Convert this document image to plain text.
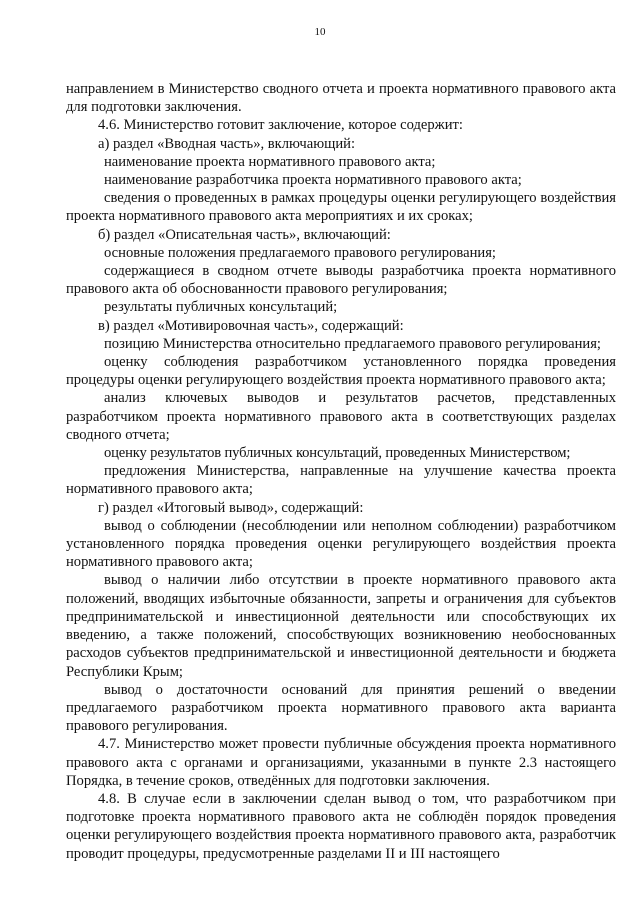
10

направлением в Министерство сводного отчета и проекта нормативного правового акта для подготовки заключения.

4.6. Министерство готовит заключение, которое содержит:

а) раздел «Вводная часть», включающий:

наименование проекта нормативного правового акта;

наименование разработчика проекта нормативного правового акта;

сведения о проведенных в рамках процедуры оценки регулирующего воздействия проекта нормативного правового акта мероприятиях и их сроках;

б) раздел «Описательная часть», включающий:

основные положения предлагаемого правового регулирования;

содержащиеся в сводном отчете выводы разработчика проекта нормативного правового акта об обоснованности правового регулирования;

результаты публичных консультаций;

в) раздел «Мотивировочная часть», содержащий:

позицию Министерства относительно предлагаемого правового регулирования;

оценку соблюдения разработчиком установленного порядка проведения процедуры оценки регулирующего воздействия проекта нормативного правового акта;

анализ ключевых выводов и результатов расчетов, представленных разработчиком проекта нормативного правового акта в соответствующих разделах сводного отчета;

оценку результатов публичных консультаций, проведенных Министерством;

предложения Министерства, направленные на улучшение качества проекта нормативного правового акта;

г) раздел «Итоговый вывод», содержащий:

вывод о соблюдении (несоблюдении или неполном соблюдении) разработчиком установленного порядка проведения оценки регулирующего воздействия проекта нормативного правового акта;

вывод о наличии либо отсутствии в проекте нормативного правового акта положений, вводящих избыточные обязанности, запреты и ограничения для субъектов предпринимательской и инвестиционной деятельности или способствующих их введению, а также положений, способствующих возникновению необоснованных расходов субъектов предпринимательской и инвестиционной деятельности и бюджета Республики Крым;

вывод о достаточности оснований для принятия решений о введении предлагаемого разработчиком проекта нормативного правового акта варианта правового регулирования.

4.7. Министерство может провести публичные обсуждения проекта нормативного правового акта с органами и организациями, указанными в пункте 2.3 настоящего Порядка, в течение сроков, отведённых для подготовки заключения.

4.8. В случае если в заключении сделан вывод о том, что разработчиком при подготовке проекта нормативного правового акта не соблюдён порядок проведения оценки регулирующего воздействия проекта нормативного правового акта, разработчик проводит процедуры, предусмотренные разделами II и III настоящего
